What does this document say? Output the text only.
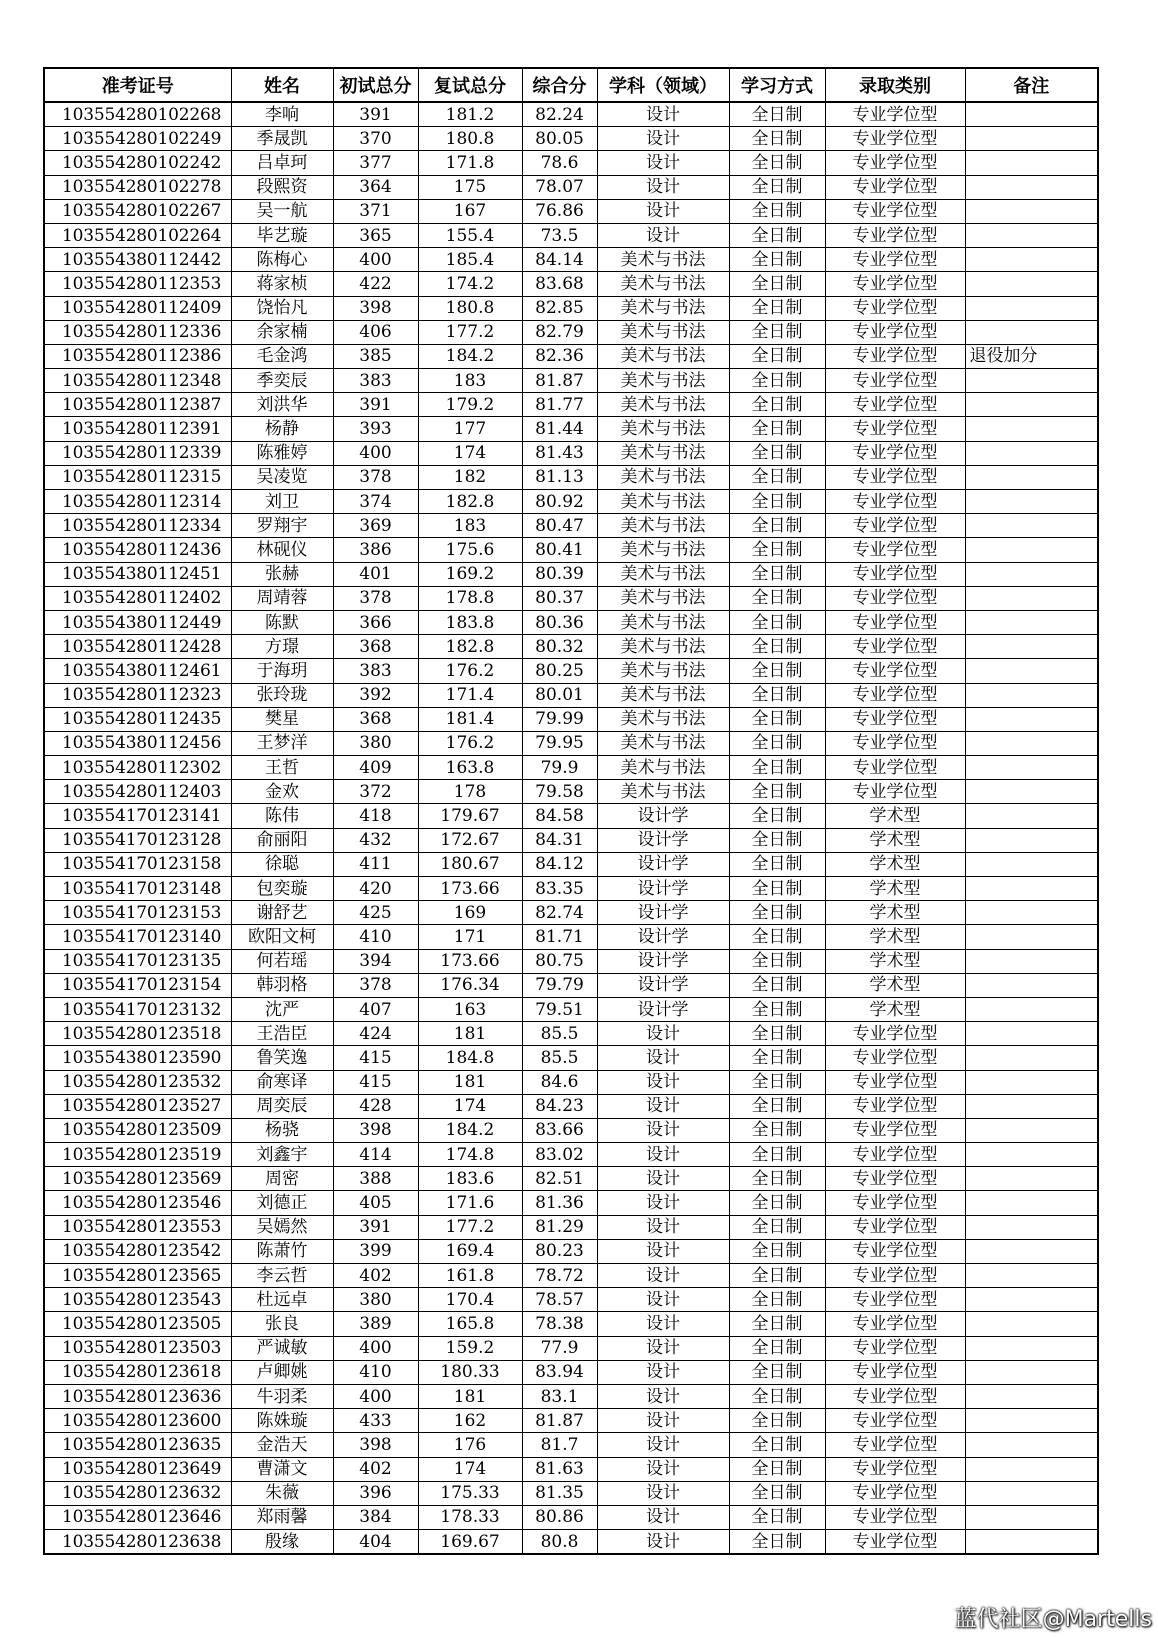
准考证号	姓名	初试总分	复试总分	综合分	学科（领域）	学习方式	录取类别	备注
103554280102268	李响	391	181.2	82.24	设计	全日制	专业学位型	
103554280102249	季晟凯	370	180.8	80.05	设计	全日制	专业学位型	
103554280102242	吕卓珂	377	171.8	78.6	设计	全日制	专业学位型	
103554280102278	段熙资	364	175	78.07	设计	全日制	专业学位型	
103554280102267	吴一航	371	167	76.86	设计	全日制	专业学位型	
103554280102264	毕艺璇	365	155.4	73.5	设计	全日制	专业学位型	
103554380112442	陈梅心	400	185.4	84.14	美术与书法	全日制	专业学位型	
103554280112353	蒋家桢	422	174.2	83.68	美术与书法	全日制	专业学位型	
103554280112409	饶怡凡	398	180.8	82.85	美术与书法	全日制	专业学位型	
103554280112336	余家楠	406	177.2	82.79	美术与书法	全日制	专业学位型	
103554280112386	毛金鸿	385	184.2	82.36	美术与书法	全日制	专业学位型	退役加分
103554280112348	季奕辰	383	183	81.87	美术与书法	全日制	专业学位型	
103554280112387	刘洪华	391	179.2	81.77	美术与书法	全日制	专业学位型	
103554280112391	杨静	393	177	81.44	美术与书法	全日制	专业学位型	
103554280112339	陈雅婷	400	174	81.43	美术与书法	全日制	专业学位型	
103554280112315	吴凌览	378	182	81.13	美术与书法	全日制	专业学位型	
103554280112314	刘卫	374	182.8	80.92	美术与书法	全日制	专业学位型	
103554280112334	罗翔宇	369	183	80.47	美术与书法	全日制	专业学位型	
103554280112436	林砚仪	386	175.6	80.41	美术与书法	全日制	专业学位型	
103554380112451	张赫	401	169.2	80.39	美术与书法	全日制	专业学位型	
103554280112402	周靖蓉	378	178.8	80.37	美术与书法	全日制	专业学位型	
103554380112449	陈默	366	183.8	80.36	美术与书法	全日制	专业学位型	
103554280112428	方璟	368	182.8	80.32	美术与书法	全日制	专业学位型	
103554380112461	于海玥	383	176.2	80.25	美术与书法	全日制	专业学位型	
103554280112323	张玲珑	392	171.4	80.01	美术与书法	全日制	专业学位型	
103554280112435	樊星	368	181.4	79.99	美术与书法	全日制	专业学位型	
103554380112456	王梦洋	380	176.2	79.95	美术与书法	全日制	专业学位型	
103554280112302	王哲	409	163.8	79.9	美术与书法	全日制	专业学位型	
103554280112403	金欢	372	178	79.58	美术与书法	全日制	专业学位型	
103554170123141	陈伟	418	179.67	84.58	设计学	全日制	学术型	
103554170123128	俞丽阳	432	172.67	84.31	设计学	全日制	学术型	
103554170123158	徐聪	411	180.67	84.12	设计学	全日制	学术型	
103554170123148	包奕璇	420	173.66	83.35	设计学	全日制	学术型	
103554170123153	谢舒艺	425	169	82.74	设计学	全日制	学术型	
103554170123140	欧阳文柯	410	171	81.71	设计学	全日制	学术型	
103554170123135	何若瑶	394	173.66	80.75	设计学	全日制	学术型	
103554170123154	韩羽格	378	176.34	79.79	设计学	全日制	学术型	
103554170123132	沈严	407	163	79.51	设计学	全日制	学术型	
103554280123518	王浩臣	424	181	85.5	设计	全日制	专业学位型	
103554380123590	鲁笑逸	415	184.8	85.5	设计	全日制	专业学位型	
103554280123532	俞寒译	415	181	84.6	设计	全日制	专业学位型	
103554280123527	周奕辰	428	174	84.23	设计	全日制	专业学位型	
103554280123509	杨骁	398	184.2	83.66	设计	全日制	专业学位型	
103554280123519	刘鑫宇	414	174.8	83.02	设计	全日制	专业学位型	
103554280123569	周密	388	183.6	82.51	设计	全日制	专业学位型	
103554280123546	刘德正	405	171.6	81.36	设计	全日制	专业学位型	
103554280123553	吴嫣然	391	177.2	81.29	设计	全日制	专业学位型	
103554280123542	陈萧竹	399	169.4	80.23	设计	全日制	专业学位型	
103554280123565	李云哲	402	161.8	78.72	设计	全日制	专业学位型	
103554280123543	杜远卓	380	170.4	78.57	设计	全日制	专业学位型	
103554280123505	张良	389	165.8	78.38	设计	全日制	专业学位型	
103554280123503	严诚敏	400	159.2	77.9	设计	全日制	专业学位型	
103554280123618	卢卿姚	410	180.33	83.94	设计	全日制	专业学位型	
103554280123636	牛羽柔	400	181	83.1	设计	全日制	专业学位型	
103554280123600	陈姝璇	433	162	81.87	设计	全日制	专业学位型	
103554280123635	金浩天	398	176	81.7	设计	全日制	专业学位型	
103554280123649	曹潇文	402	174	81.63	设计	全日制	专业学位型	
103554280123632	朱薇	396	175.33	81.35	设计	全日制	专业学位型	
103554280123646	郑雨馨	384	178.33	80.86	设计	全日制	专业学位型	
103554280123638	殷缘	404	169.67	80.8	设计	全日制	专业学位型	
蓝代社区@Martells
